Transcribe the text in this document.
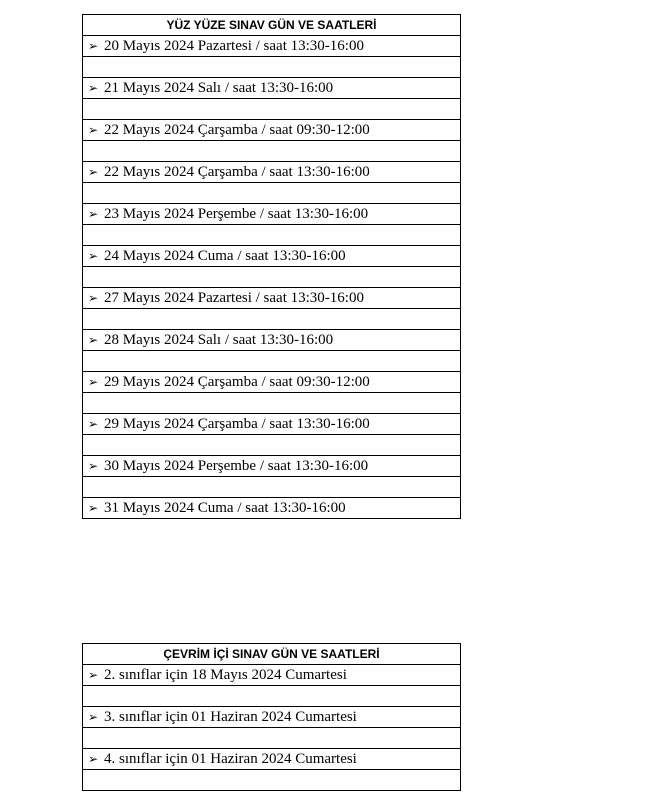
YÜZ YÜZE SINAV GÜN VE SAATLERİ
➢ 20 Mayıs 2024 Pazartesi / saat 13:30-16:00

➢ 21 Mayıs 2024 Salı / saat 13:30-16:00

➢ 22 Mayıs 2024 Çarşamba / saat 09:30-12:00

➢ 22 Mayıs 2024 Çarşamba / saat 13:30-16:00

➢ 23 Mayıs 2024 Perşembe / saat 13:30-16:00

➢ 24 Mayıs 2024 Cuma / saat 13:30-16:00

➢ 27 Mayıs 2024 Pazartesi / saat 13:30-16:00

➢ 28 Mayıs 2024 Salı / saat 13:30-16:00

➢ 29 Mayıs 2024 Çarşamba / saat 09:30-12:00

➢ 29 Mayıs 2024 Çarşamba / saat 13:30-16:00

➢ 30 Mayıs 2024 Perşembe / saat 13:30-16:00

➢ 31 Mayıs 2024 Cuma / saat 13:30-16:00
ÇEVRİM İÇİ SINAV GÜN VE SAATLERİ
➢ 2. sınıflar için 18 Mayıs 2024 Cumartesi

➢ 3. sınıflar için 01 Haziran 2024 Cumartesi

➢ 4. sınıflar için 01 Haziran 2024 Cumartesi
